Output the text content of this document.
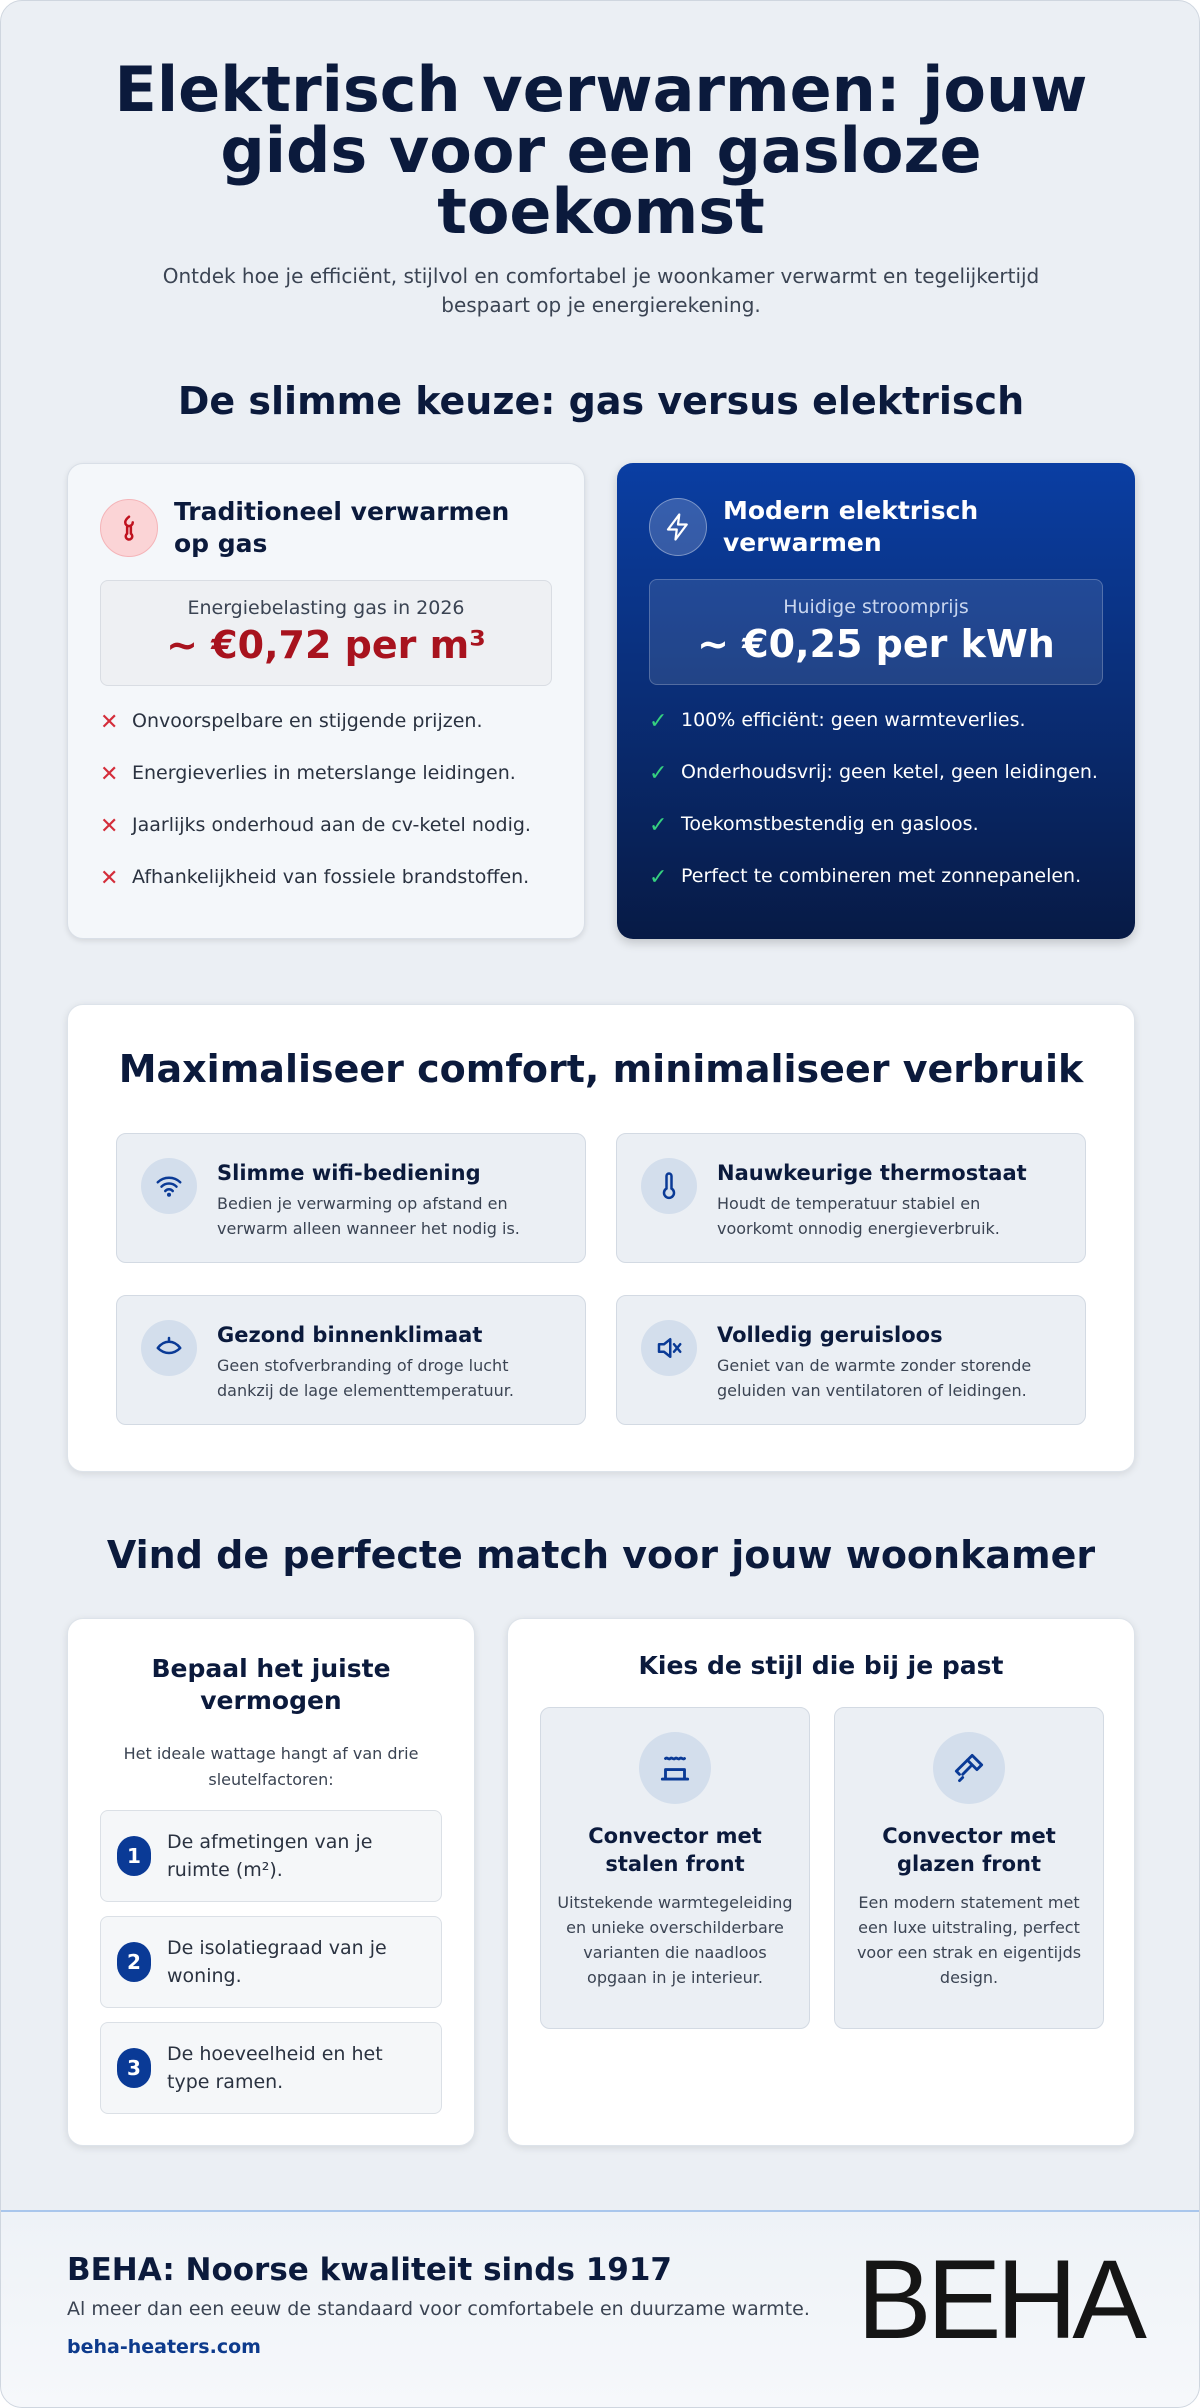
Elektrisch verwarmen: jouw gids voor een gasloze toekomst

Ontdek hoe je efficiënt, stijlvol en comfortabel je woonkamer verwarmt en tegelijkertijd bespaart op je energierekening.

De slimme keuze: gas versus elektrisch
Traditioneel verwarmen op gas
Energiebelasting gas in 2026
~ €0,72 per m³
✕ Onvoorspelbare en stijgende prijzen.
✕ Energieverlies in meterslange leidingen.
✕ Jaarlijks onderhoud aan de cv-ketel nodig.
✕ Afhankelijkheid van fossiele brandstoffen.
Modern elektrisch verwarmen
Huidige stroomprijs
~ €0,25 per kWh
✓ 100% efficiënt: geen warmteverlies.
✓ Onderhoudsvrij: geen ketel, geen leidingen.
✓ Toekomstbestendig en gasloos.
✓ Perfect te combineren met zonnepanelen.
Maximaliseer comfort, minimaliseer verbruik
Slimme wifi-bediening

Bedien je verwarming op afstand en verwarm alleen wanneer het nodig is.

Nauwkeurige thermostaat

Houdt de temperatuur stabiel en voorkomt onnodig energieverbruik.

Gezond binnenklimaat

Geen stofverbranding of droge lucht dankzij de lage elementtemperatuur.

Volledig geruisloos

Geniet van de warmte zonder storende geluiden van ventilatoren of leidingen.

Vind de perfecte match voor jouw woonkamer
Bepaal het juiste vermogen

Het ideale wattage hangt af van drie sleutelfactoren:

1
De afmetingen van je ruimte (m²).
2
De isolatiegraad van je woning.
3
De hoeveelheid en het type ramen.
Kies de stijl die bij je past
Convector met stalen front

Uitstekende warmtegeleiding en unieke overschilderbare varianten die naadloos opgaan in je interieur.

Convector met glazen front

Een modern statement met een luxe uitstraling, perfect voor een strak en eigentijds design.

BEHA: Noorse kwaliteit sinds 1917
Al meer dan een eeuw de standaard voor comfortabele en duurzame warmte.
beha-heaters.com	BEHA
